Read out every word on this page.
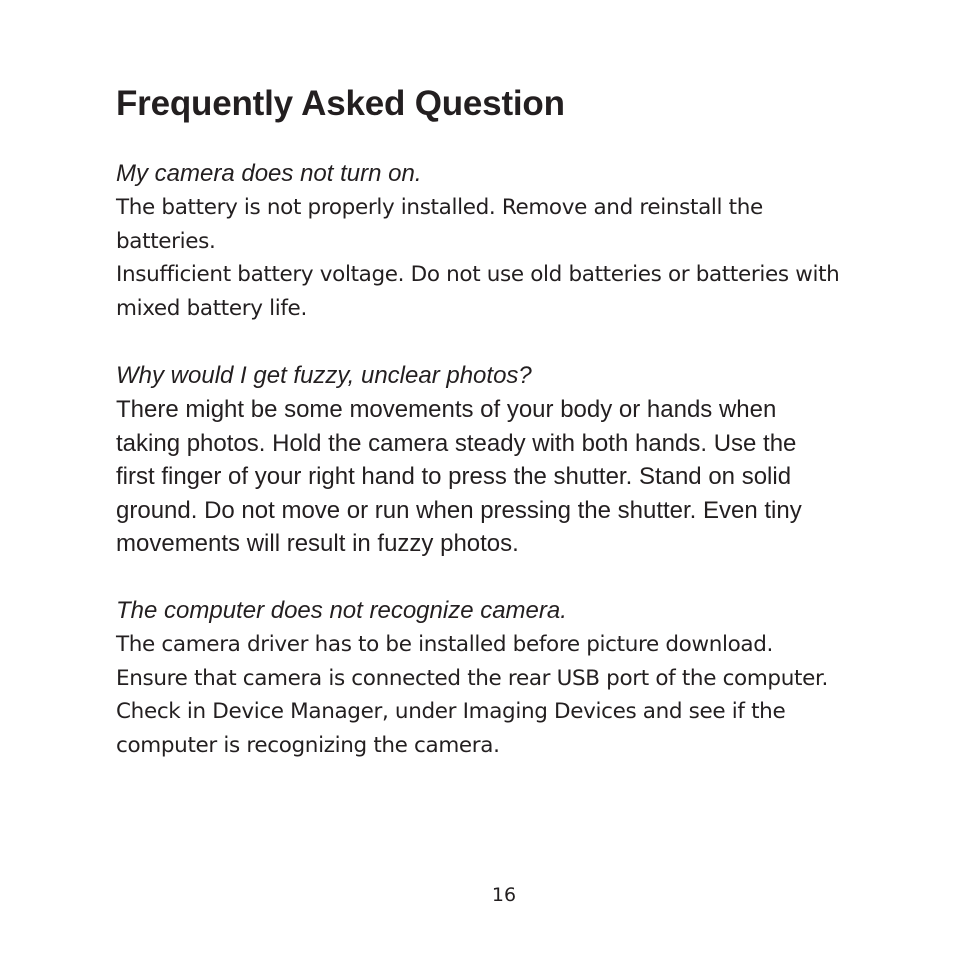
Frequently Asked Question
My camera does not turn on.

The battery is not properly installed. Remove and reinstall the
batteries.
Insufficient battery voltage. Do not use old batteries or batteries with
mixed battery life.

Why would I get fuzzy, unclear photos?

There might be some movements of your body or hands when
taking photos. Hold the camera steady with both hands. Use the
first finger of your right hand to press the shutter. Stand on solid
ground. Do not move or run when pressing the shutter. Even tiny
movements will result in fuzzy photos.

The computer does not recognize camera.

The camera driver has to be installed before picture download.
Ensure that camera is connected the rear USB port of the computer.
Check in Device Manager, under Imaging Devices and see if the
computer is recognizing the camera.

16
